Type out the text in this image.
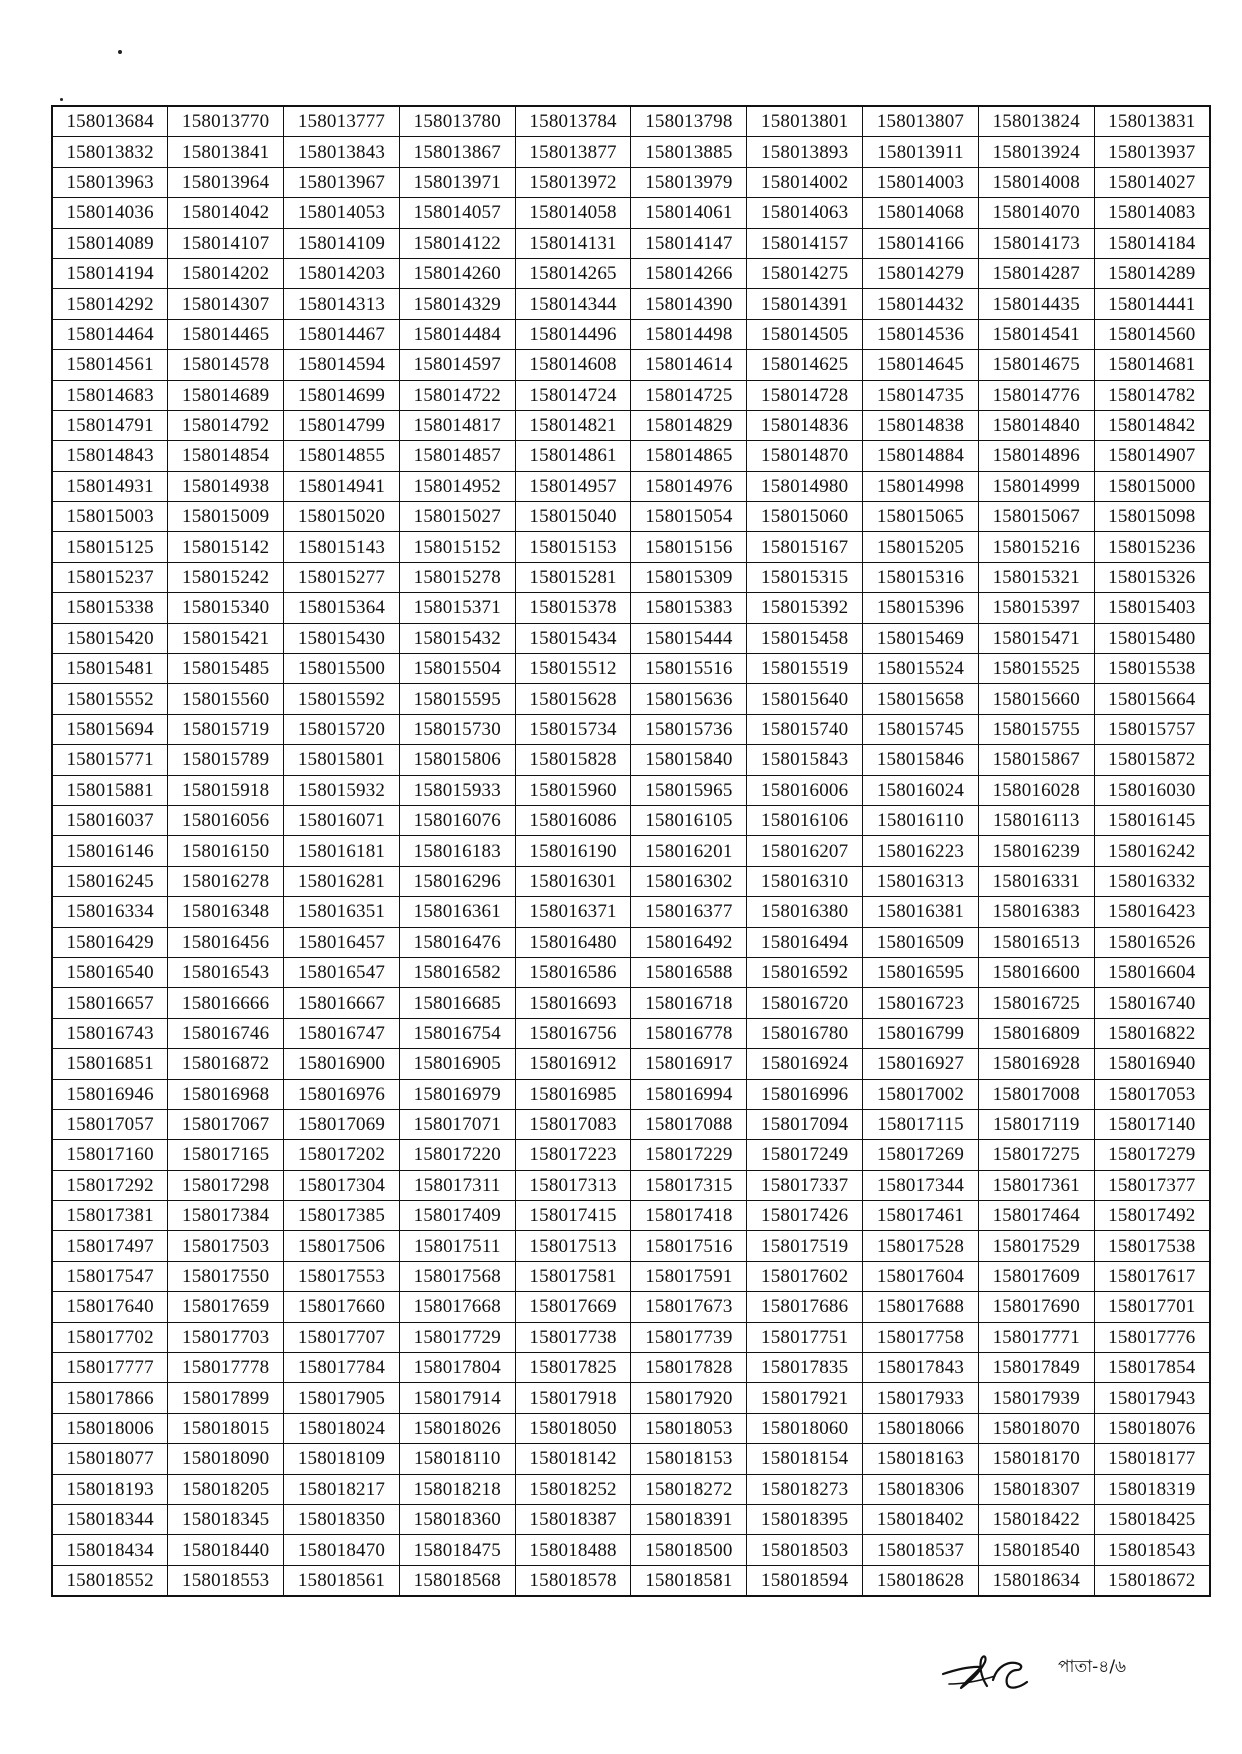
158013684	158013770	158013777	158013780	158013784	158013798	158013801	158013807	158013824	158013831
158013832	158013841	158013843	158013867	158013877	158013885	158013893	158013911	158013924	158013937
158013963	158013964	158013967	158013971	158013972	158013979	158014002	158014003	158014008	158014027
158014036	158014042	158014053	158014057	158014058	158014061	158014063	158014068	158014070	158014083
158014089	158014107	158014109	158014122	158014131	158014147	158014157	158014166	158014173	158014184
158014194	158014202	158014203	158014260	158014265	158014266	158014275	158014279	158014287	158014289
158014292	158014307	158014313	158014329	158014344	158014390	158014391	158014432	158014435	158014441
158014464	158014465	158014467	158014484	158014496	158014498	158014505	158014536	158014541	158014560
158014561	158014578	158014594	158014597	158014608	158014614	158014625	158014645	158014675	158014681
158014683	158014689	158014699	158014722	158014724	158014725	158014728	158014735	158014776	158014782
158014791	158014792	158014799	158014817	158014821	158014829	158014836	158014838	158014840	158014842
158014843	158014854	158014855	158014857	158014861	158014865	158014870	158014884	158014896	158014907
158014931	158014938	158014941	158014952	158014957	158014976	158014980	158014998	158014999	158015000
158015003	158015009	158015020	158015027	158015040	158015054	158015060	158015065	158015067	158015098
158015125	158015142	158015143	158015152	158015153	158015156	158015167	158015205	158015216	158015236
158015237	158015242	158015277	158015278	158015281	158015309	158015315	158015316	158015321	158015326
158015338	158015340	158015364	158015371	158015378	158015383	158015392	158015396	158015397	158015403
158015420	158015421	158015430	158015432	158015434	158015444	158015458	158015469	158015471	158015480
158015481	158015485	158015500	158015504	158015512	158015516	158015519	158015524	158015525	158015538
158015552	158015560	158015592	158015595	158015628	158015636	158015640	158015658	158015660	158015664
158015694	158015719	158015720	158015730	158015734	158015736	158015740	158015745	158015755	158015757
158015771	158015789	158015801	158015806	158015828	158015840	158015843	158015846	158015867	158015872
158015881	158015918	158015932	158015933	158015960	158015965	158016006	158016024	158016028	158016030
158016037	158016056	158016071	158016076	158016086	158016105	158016106	158016110	158016113	158016145
158016146	158016150	158016181	158016183	158016190	158016201	158016207	158016223	158016239	158016242
158016245	158016278	158016281	158016296	158016301	158016302	158016310	158016313	158016331	158016332
158016334	158016348	158016351	158016361	158016371	158016377	158016380	158016381	158016383	158016423
158016429	158016456	158016457	158016476	158016480	158016492	158016494	158016509	158016513	158016526
158016540	158016543	158016547	158016582	158016586	158016588	158016592	158016595	158016600	158016604
158016657	158016666	158016667	158016685	158016693	158016718	158016720	158016723	158016725	158016740
158016743	158016746	158016747	158016754	158016756	158016778	158016780	158016799	158016809	158016822
158016851	158016872	158016900	158016905	158016912	158016917	158016924	158016927	158016928	158016940
158016946	158016968	158016976	158016979	158016985	158016994	158016996	158017002	158017008	158017053
158017057	158017067	158017069	158017071	158017083	158017088	158017094	158017115	158017119	158017140
158017160	158017165	158017202	158017220	158017223	158017229	158017249	158017269	158017275	158017279
158017292	158017298	158017304	158017311	158017313	158017315	158017337	158017344	158017361	158017377
158017381	158017384	158017385	158017409	158017415	158017418	158017426	158017461	158017464	158017492
158017497	158017503	158017506	158017511	158017513	158017516	158017519	158017528	158017529	158017538
158017547	158017550	158017553	158017568	158017581	158017591	158017602	158017604	158017609	158017617
158017640	158017659	158017660	158017668	158017669	158017673	158017686	158017688	158017690	158017701
158017702	158017703	158017707	158017729	158017738	158017739	158017751	158017758	158017771	158017776
158017777	158017778	158017784	158017804	158017825	158017828	158017835	158017843	158017849	158017854
158017866	158017899	158017905	158017914	158017918	158017920	158017921	158017933	158017939	158017943
158018006	158018015	158018024	158018026	158018050	158018053	158018060	158018066	158018070	158018076
158018077	158018090	158018109	158018110	158018142	158018153	158018154	158018163	158018170	158018177
158018193	158018205	158018217	158018218	158018252	158018272	158018273	158018306	158018307	158018319
158018344	158018345	158018350	158018360	158018387	158018391	158018395	158018402	158018422	158018425
158018434	158018440	158018470	158018475	158018488	158018500	158018503	158018537	158018540	158018543
158018552	158018553	158018561	158018568	158018578	158018581	158018594	158018628	158018634	158018672
পাতা-৪/৬
